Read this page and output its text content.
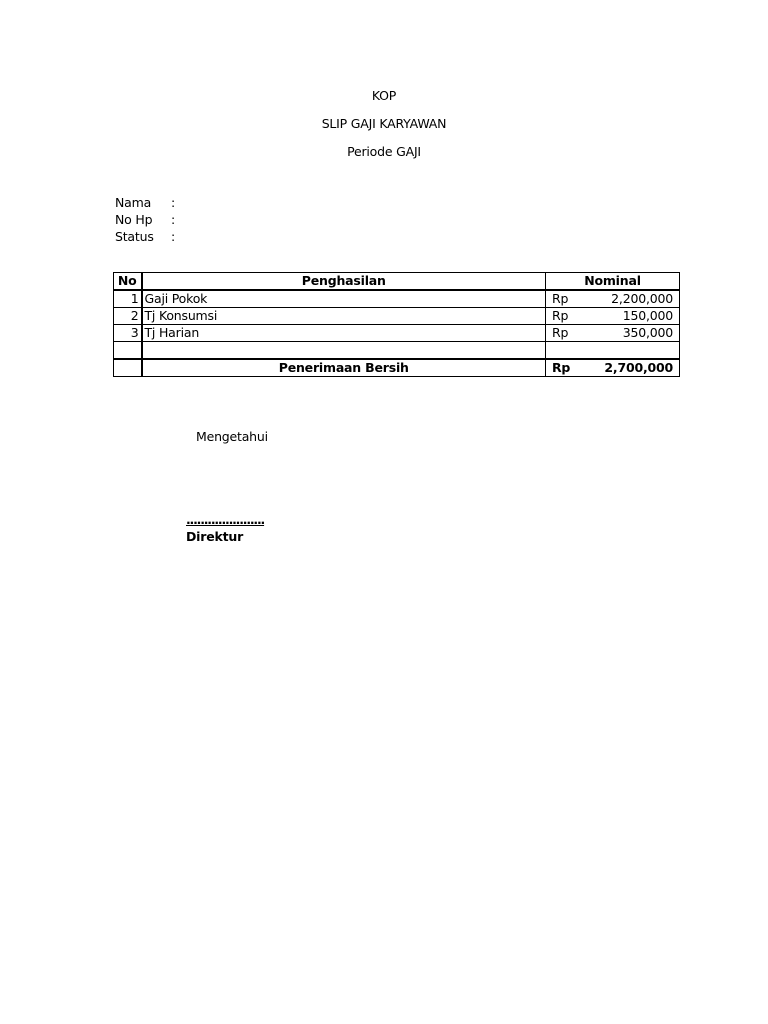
KOP
SLIP GAJI KARYAWAN
Periode GAJI
Nama :
No Hp :
Status :
No	Penghasilan	Nominal
1	Gaji Pokok	Rp 2,200,000

2	Tj Konsumsi	Rp 150,000

3	Tj Harian	Rp 350,000

	Penerimaan Bersih	Rp 2,700,000
Mengetahui
......................
Direktur
